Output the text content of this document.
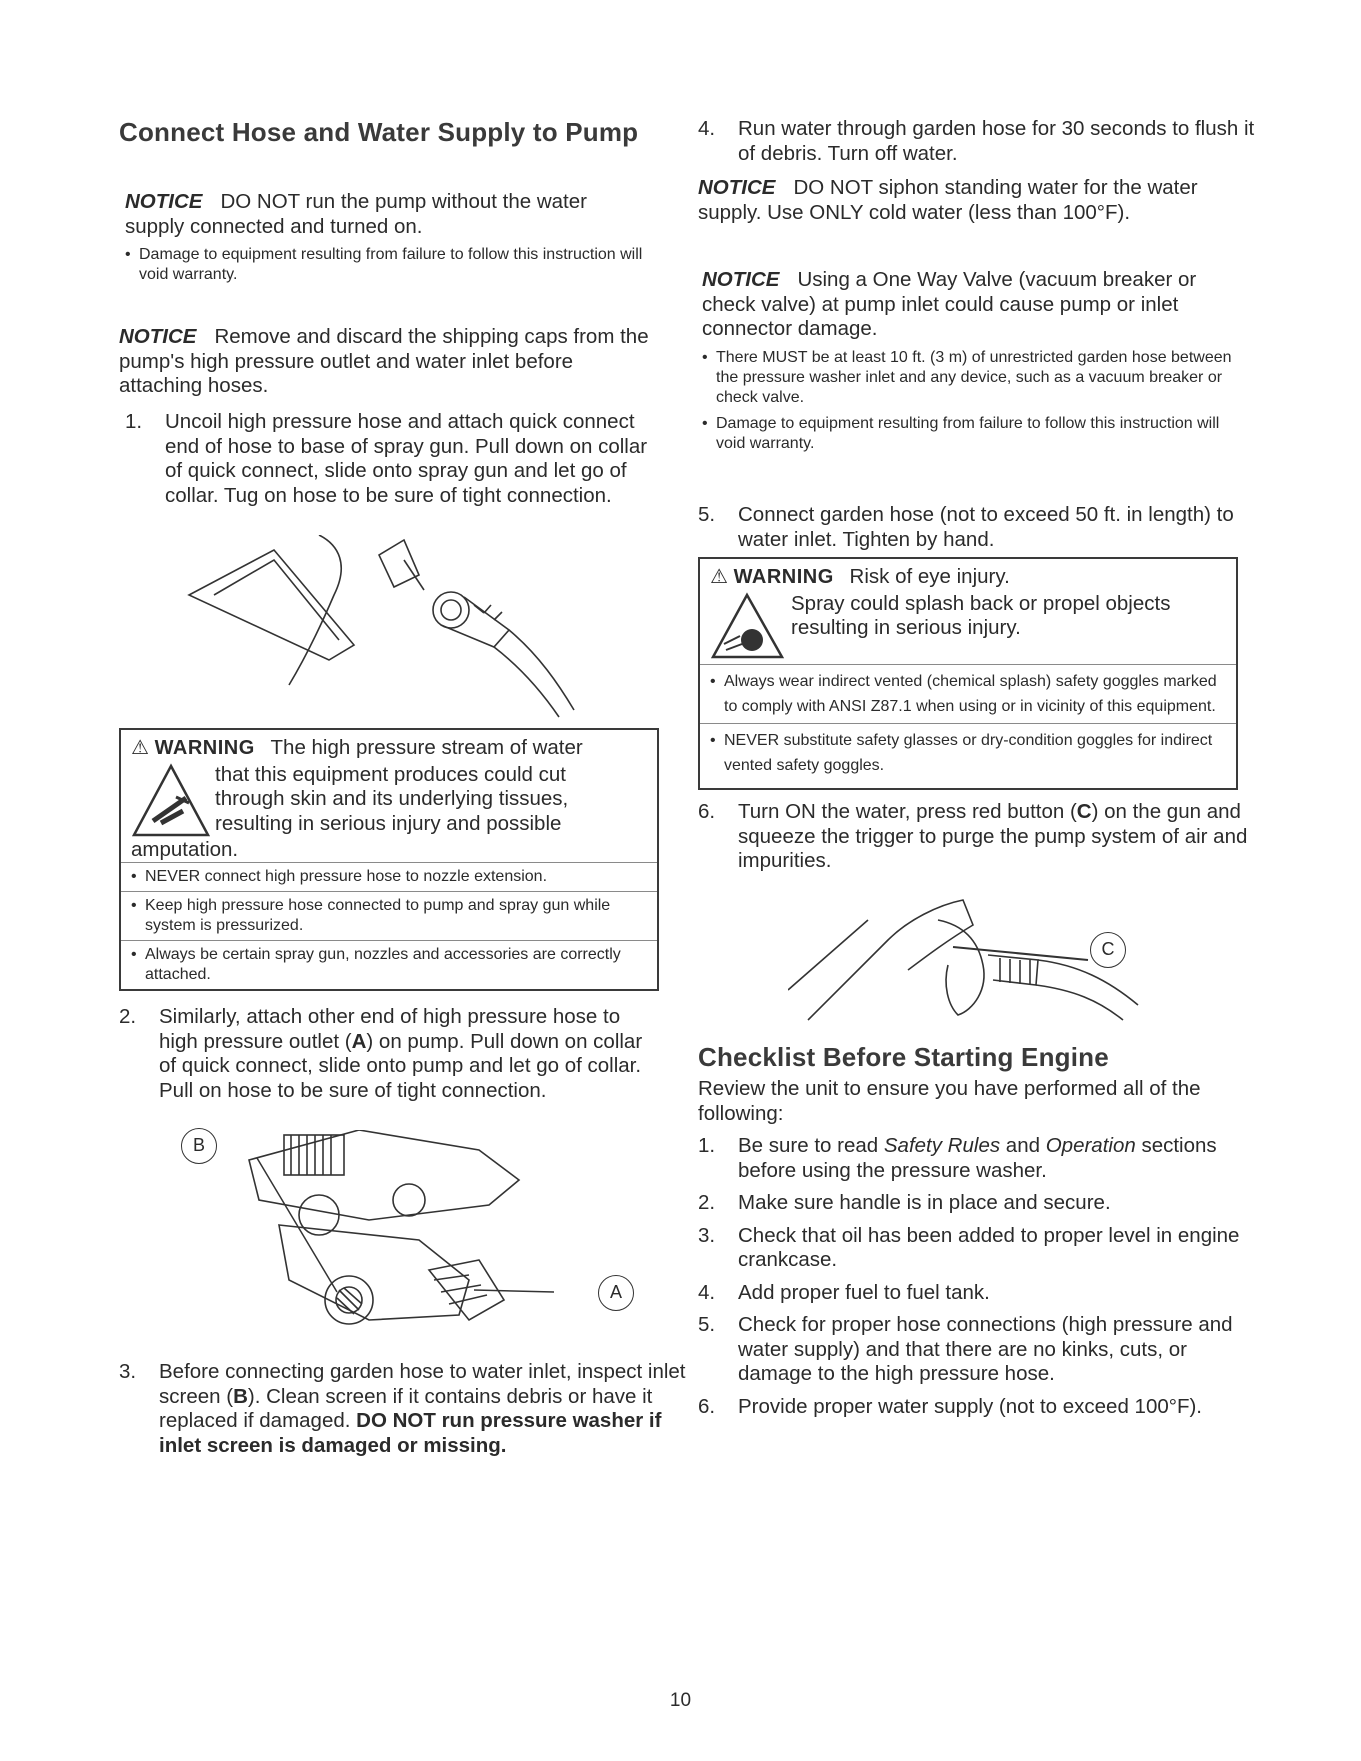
Connect Hose and Water Supply to Pump

NOTICE DO NOT run the pump without the water supply connected and turned on.

• Damage to equipment resulting from failure to follow this instruction will void warranty.

NOTICE Remove and discard the shipping caps from the pump's high pressure outlet and water inlet before attaching hoses.

1. Uncoil high pressure hose and attach quick connect end of hose to base of spray gun. Pull down on collar of quick connect, slide onto spray gun and let go of collar. Tug on hose to be sure of tight connection.
⚠ WARNING The high pressure stream of water
that this equipment produces could cut through skin and its underlying tissues, resulting in serious injury and possible
amputation.
• NEVER connect high pressure hose to nozzle extension.
• Keep high pressure hose connected to pump and spray gun while system is pressurized.
• Always be certain spray gun, nozzles and accessories are correctly attached.
2. Similarly, attach other end of high pressure hose to high pressure outlet (A) on pump. Pull down on collar of quick connect, slide onto pump and let go of collar. Pull on hose to be sure of tight connection.
B
A
3. Before connecting garden hose to water inlet, inspect inlet screen (B). Clean screen if it contains debris or have it replaced if damaged. DO NOT run pressure washer if inlet screen is damaged or missing.
4. Run water through garden hose for 30 seconds to flush it of debris. Turn off water.

NOTICE DO NOT siphon standing water for the water supply. Use ONLY cold water (less than 100°F).

NOTICE Using a One Way Valve (vacuum breaker or check valve) at pump inlet could cause pump or inlet connector damage.

• There MUST be at least 10 ft. (3 m) of unrestricted garden hose between the pressure washer inlet and any device, such as a vacuum breaker or check valve.
• Damage to equipment resulting from failure to follow this instruction will void warranty.
5. Connect garden hose (not to exceed 50 ft. in length) to water inlet. Tighten by hand.
⚠ WARNING Risk of eye injury.
Spray could splash back or propel objects resulting in serious injury.
• Always wear indirect vented (chemical splash) safety goggles marked to comply with ANSI Z87.1 when using or in vicinity of this equipment.
• NEVER substitute safety glasses or dry-condition goggles for indirect vented safety goggles.
6. Turn ON the water, press red button (C) on the gun and squeeze the trigger to purge the pump system of air and impurities.
C
Checklist Before Starting Engine

Review the unit to ensure you have performed all of the following:

1. Be sure to read Safety Rules and Operation sections before using the pressure washer.
2. Make sure handle is in place and secure.
3. Check that oil has been added to proper level in engine crankcase.
4. Add proper fuel to fuel tank.
5. Check for proper hose connections (high pressure and water supply) and that there are no kinks, cuts, or damage to the high pressure hose.
6. Provide proper water supply (not to exceed 100°F).
10
